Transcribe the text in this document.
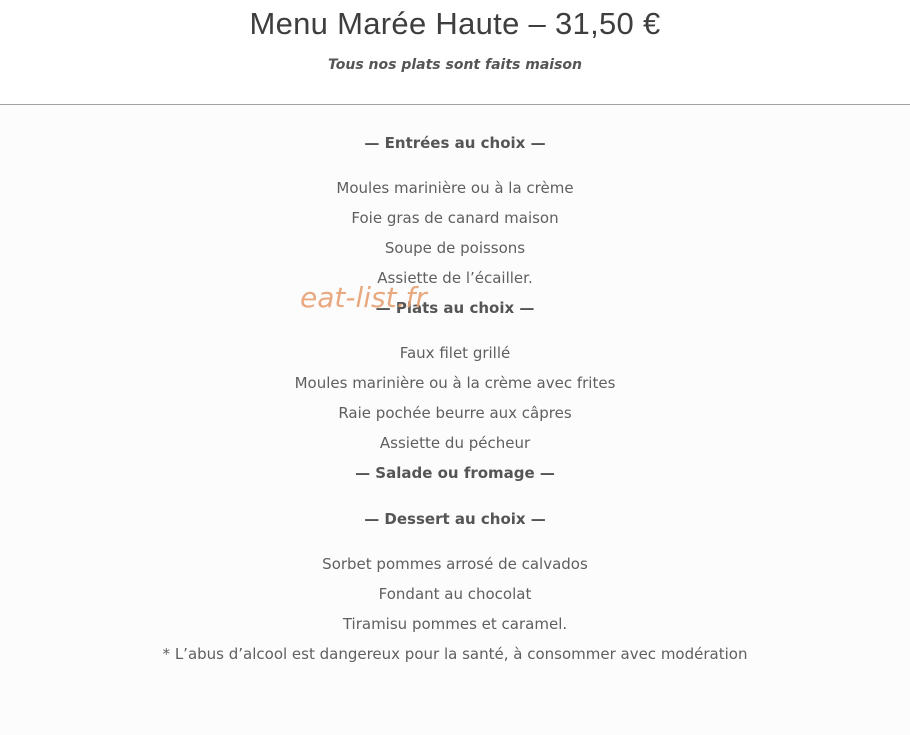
Menu Marée Haute – 31,50 €
Tous nos plats sont faits maison
— Entrées au choix —
Moules marinière ou à la crème
Foie gras de canard maison
Soupe de poissons
Assiette de l’écailler.
— Plats au choix —
Faux filet grillé
Moules marinière ou à la crème avec frites
Raie pochée beurre aux câpres
Assiette du pécheur
— Salade ou fromage —
— Dessert au choix —
Sorbet pommes arrosé de calvados
Fondant au chocolat
Tiramisu pommes et caramel.
* L’abus d’alcool est dangereux pour la santé, à consommer avec modération
eat-list.fr
